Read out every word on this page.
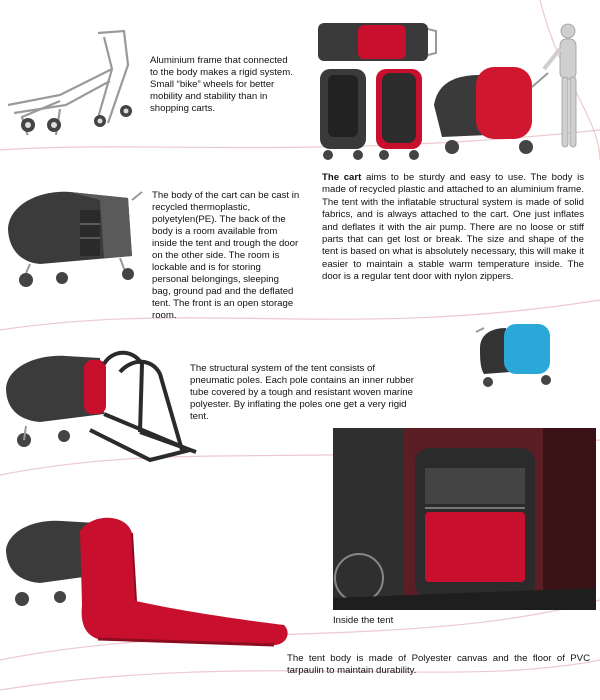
Aluminium frame that connected to the body makes a rigid system. Small “bike” wheels for better mobility and stability than in shopping carts.
The body of the cart can be cast in recycled thermoplastic, polyetylen(PE). The back of the body is a room available from inside the tent and trough the door on the other side. The room is lockable and is for storing personal belongings, sleeping bag, ground pad and the deflated tent. The front is an open storage room.
The cart aims to be sturdy and easy to use. The body is made of recycled plastic and attached to an aluminium frame. The tent with the inflatable structural system is made of solid fabrics, and is always attached to the cart. One just inflates and deflates it with the air pump. There are no loose or stiff parts that can get lost or break. The size and shape of the tent is based on what is absolutely necessary, this will make it easier to maintain a stable warm temperature inside. The door is a regular tent door with nylon zippers.
The structural system of the tent consists of pneumatic poles. Each pole contains an inner rubber tube covered by a tough and resistant woven marine polyester. By inflating the poles one get a very rigid tent.
Inside the tent
The tent body is made of Polyester canvas and the floor of PVC tarpaulin to maintain durability.
